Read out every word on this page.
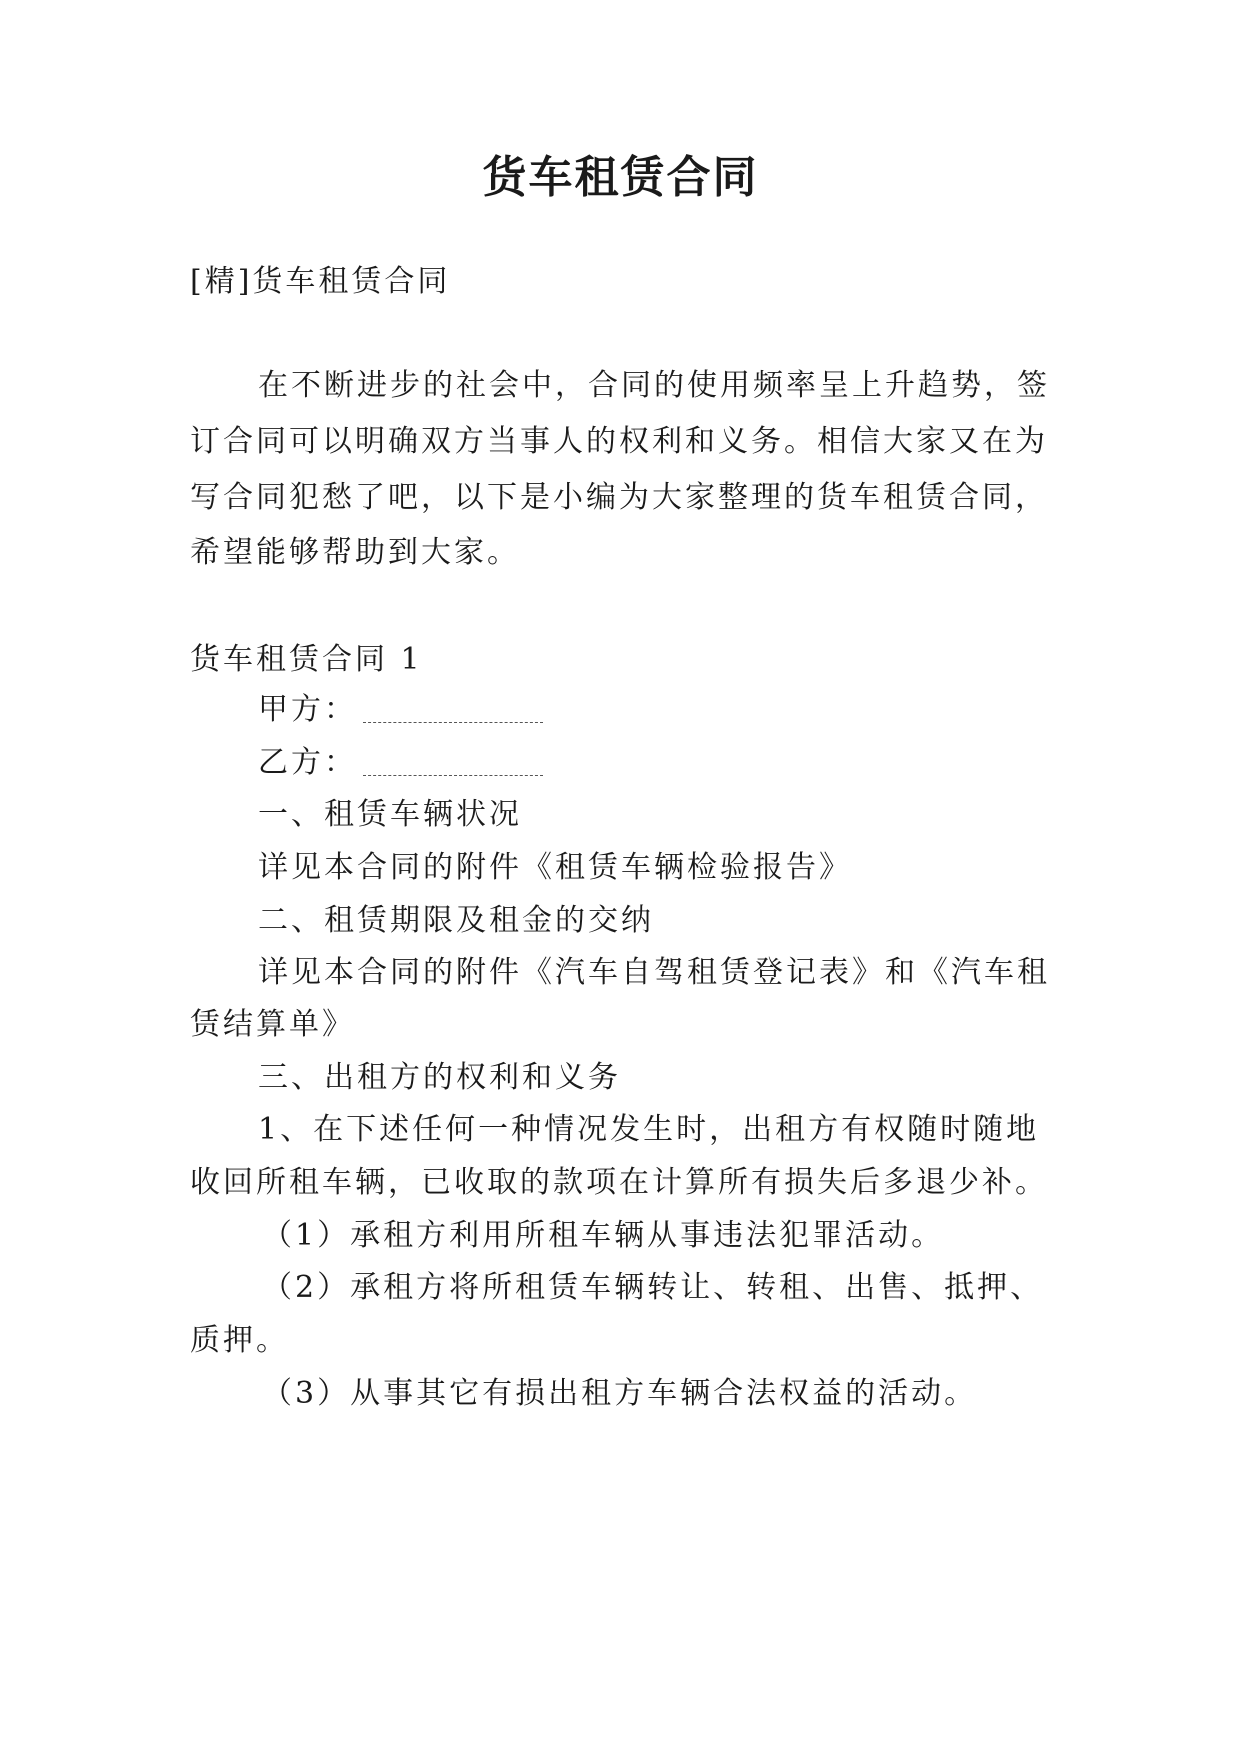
货车租赁合同
[精]货车租赁合同
在不断进步的社会中，合同的使用频率呈上升趋势，签
订合同可以明确双方当事人的权利和义务。相信大家又在为
写合同犯愁了吧，以下是小编为大家整理的货车租赁合同，
希望能够帮助到大家。
货车租赁合同 1
甲方：
乙方：
一、租赁车辆状况
详见本合同的附件《租赁车辆检验报告》
二、租赁期限及租金的交纳
详见本合同的附件《汽车自驾租赁登记表》和《汽车租
赁结算单》
三、出租方的权利和义务
1、在下述任何一种情况发生时，出租方有权随时随地
收回所租车辆，已收取的款项在计算所有损失后多退少补。
（1）承租方利用所租车辆从事违法犯罪活动。
（2）承租方将所租赁车辆转让、转租、出售、抵押、
质押。
（3）从事其它有损出租方车辆合法权益的活动。
